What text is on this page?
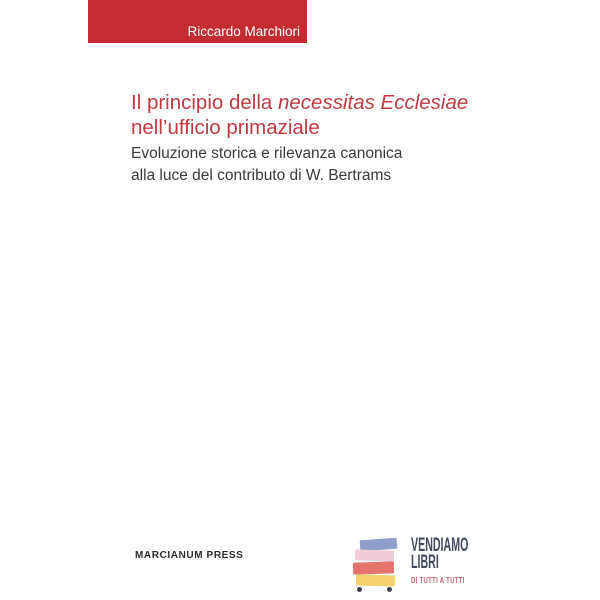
Riccardo Marchiori
Il principio della necessitas Ecclesiae
nell’ufficio primaziale
Evoluzione storica e rilevanza canonica
alla luce del contributo di W. Bertrams
MARCIANUM PRESS	VENDIAMO
LIBRI
DI TUTTI A TUTTI
